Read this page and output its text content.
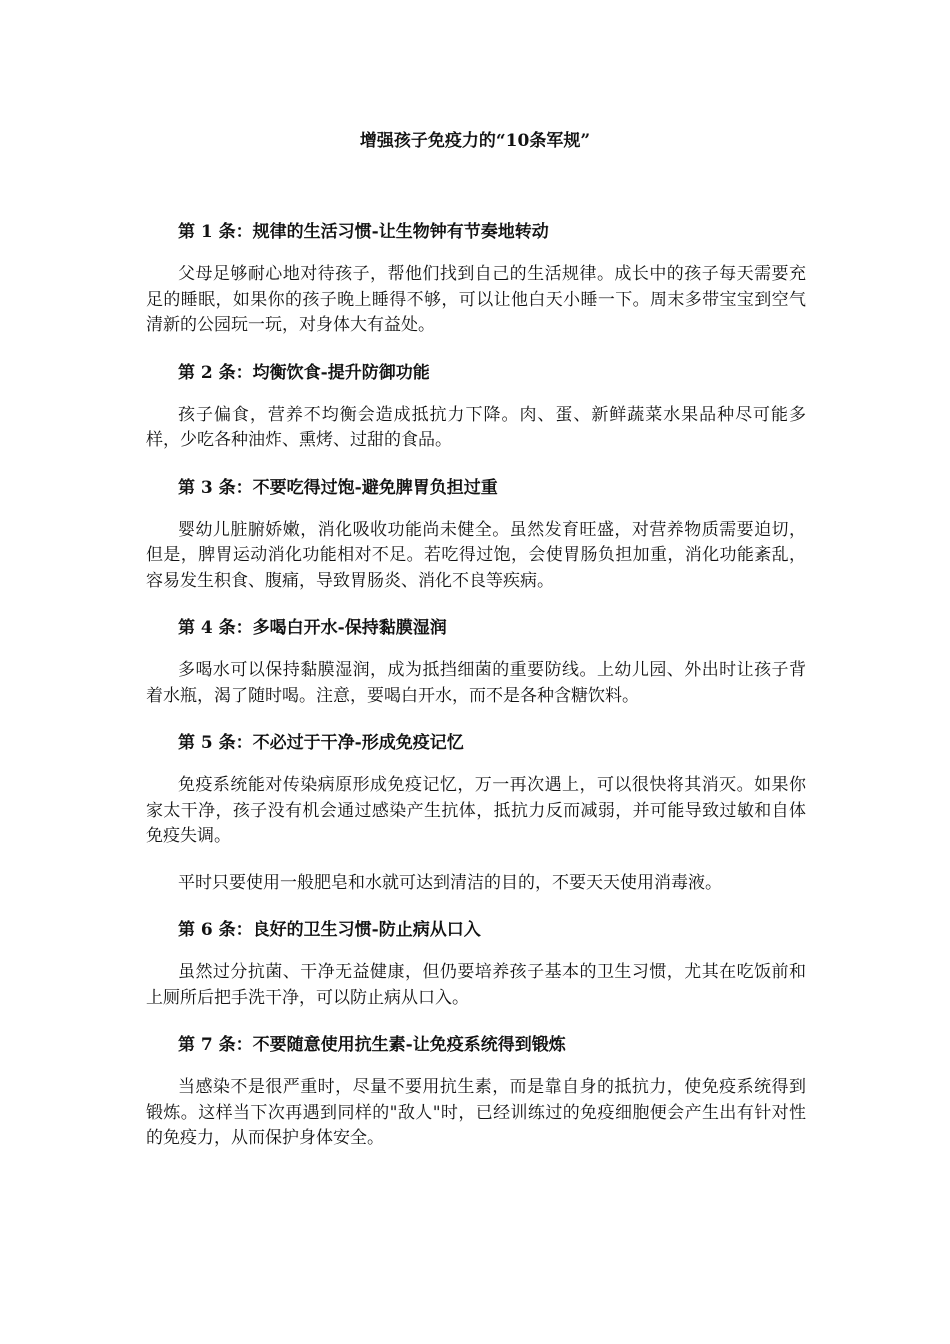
增强孩子免疫力的“10条军规”
第 1 条：规律的生活习惯-让生物钟有节奏地转动

父母足够耐心地对待孩子，帮他们找到自己的生活规律。成长中的孩子每天需要充足的睡眠，如果你的孩子晚上睡得不够，可以让他白天小睡一下。周末多带宝宝到空气清新的公园玩一玩，对身体大有益处。

第 2 条：均衡饮食-提升防御功能

孩子偏食，营养不均衡会造成抵抗力下降。肉、蛋、新鲜蔬菜水果品种尽可能多样，少吃各种油炸、熏烤、过甜的食品。

第 3 条：不要吃得过饱-避免脾胃负担过重

婴幼儿脏腑娇嫩，消化吸收功能尚未健全。虽然发育旺盛，对营养物质需要迫切，但是，脾胃运动消化功能相对不足。若吃得过饱，会使胃肠负担加重，消化功能紊乱，容易发生积食、腹痛，导致胃肠炎、消化不良等疾病。

第 4 条：多喝白开水-保持黏膜湿润

多喝水可以保持黏膜湿润，成为抵挡细菌的重要防线。上幼儿园、外出时让孩子背着水瓶，渴了随时喝。注意，要喝白开水，而不是各种含糖饮料。

第 5 条：不必过于干净-形成免疫记忆

免疫系统能对传染病原形成免疫记忆，万一再次遇上，可以很快将其消灭。如果你家太干净，孩子没有机会通过感染产生抗体，抵抗力反而减弱，并可能导致过敏和自体免疫失调。

平时只要使用一般肥皂和水就可达到清洁的目的，不要天天使用消毒液。

第 6 条：良好的卫生习惯-防止病从口入

虽然过分抗菌、干净无益健康，但仍要培养孩子基本的卫生习惯，尤其在吃饭前和上厕所后把手洗干净，可以防止病从口入。

第 7 条：不要随意使用抗生素-让免疫系统得到锻炼

当感染不是很严重时，尽量不要用抗生素，而是靠自身的抵抗力，使免疫系统得到锻炼。这样当下次再遇到同样的"敌人"时，已经训练过的免疫细胞便会产生出有针对性的免疫力，从而保护身体安全。
